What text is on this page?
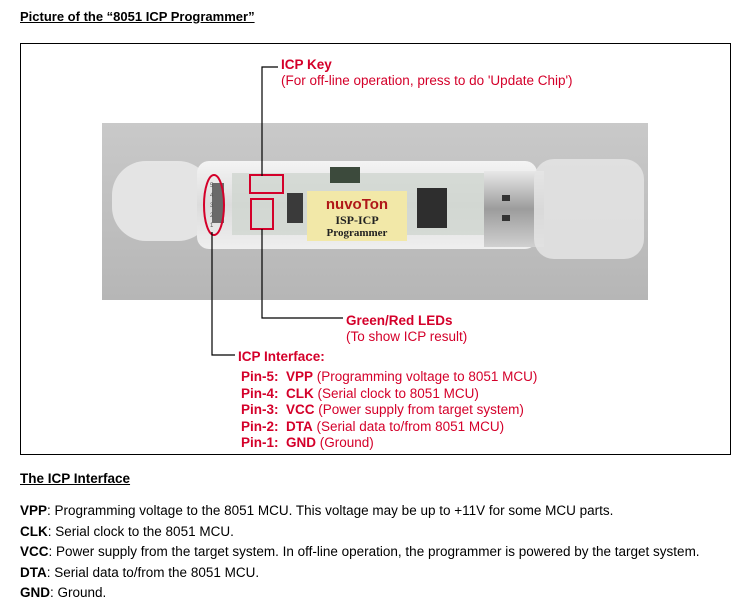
Picture of the “8051 ICP Programmer”
5
4
3
2
1
nuvoTon
ISP-ICP
Programmer
ICP Key
(For off-line operation, press to do 'Update Chip')
Green/Red LEDs
(To show ICP result)
ICP Interface:
Pin-5:  VPP (Programming voltage to 8051 MCU)
Pin-4:  CLK (Serial clock to 8051 MCU)
Pin-3:  VCC (Power supply from target system)
Pin-2:  DTA (Serial data to/from 8051 MCU)
Pin-1:  GND (Ground)
The ICP Interface
VPP: Programming voltage to the 8051 MCU. This voltage may be up to +11V for some MCU parts.
CLK: Serial clock to the 8051 MCU.
VCC: Power supply from the target system. In off-line operation, the programmer is powered by the target system.
DTA: Serial data to/from the 8051 MCU.
GND: Ground.
